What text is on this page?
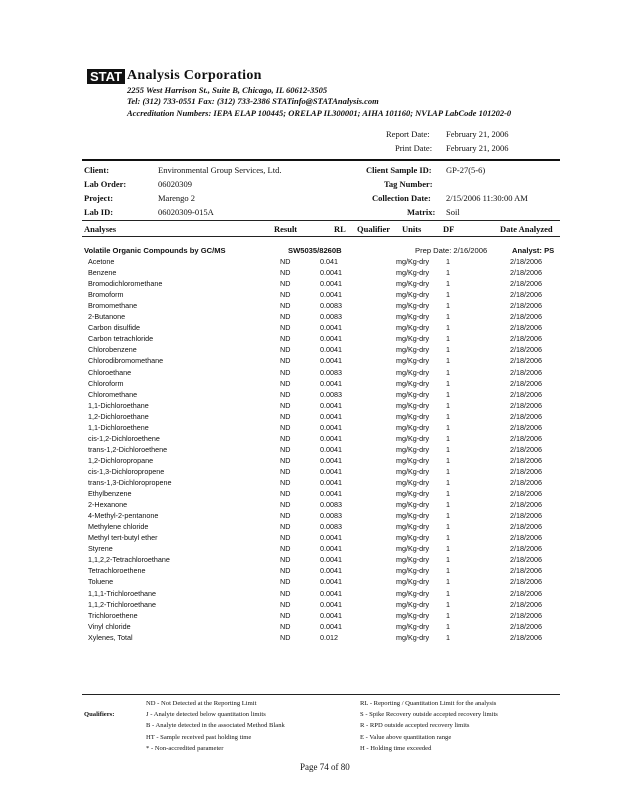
STAT Analysis Corporation
2255 West Harrison St., Suite B, Chicago, IL 60612-3505
Tel: (312) 733-0551 Fax: (312) 733-2386 STATinfo@STATAnalysis.com
Accreditation Numbers: IEPA ELAP 100445; ORELAP IL300001; AIHA 101160; NVLAP LabCode 101202-0
Report Date: February 21, 2006
Print Date: February 21, 2006
Client:	Environmental Group Services, Ltd.
Lab Order:	06020309
Project:	Marengo 2
Lab ID:	06020309-015A
Client Sample ID: GP-27(5-6)
Tag Number:
Collection Date: 2/15/2006 11:30:00 AM
Matrix: Soil
Analyses	Result	RL Qualifier Units	DF	Date Analyzed
Volatile Organic Compounds by GC/MS	SW5035/8260B	Prep Date: 2/16/2006	Analyst: PS
Acetone	ND	0.041	mg/Kg-dry 1	2/18/2006
Benzene	ND	0.0041	mg/Kg-dry 1	2/18/2006
Bromodichloromethane	ND	0.0041	mg/Kg-dry 1	2/18/2006
Bromoform	ND	0.0041	mg/Kg-dry 1	2/18/2006
Bromomethane	ND	0.0083	mg/Kg-dry 1	2/18/2006
2-Butanone	ND	0.0083	mg/Kg-dry 1	2/18/2006
Carbon disulfide	ND	0.0041	mg/Kg-dry 1	2/18/2006
Carbon tetrachloride	ND	0.0041	mg/Kg-dry 1	2/18/2006
Chlorobenzene	ND	0.0041	mg/Kg-dry 1	2/18/2006
Chlorodibromomethane	ND	0.0041	mg/Kg-dry 1	2/18/2006
Chloroethane	ND	0.0083	mg/Kg-dry 1	2/18/2006
Chloroform	ND	0.0041	mg/Kg-dry 1	2/18/2006
Chloromethane	ND	0.0083	mg/Kg-dry 1	2/18/2006
1,1-Dichloroethane	ND	0.0041	mg/Kg-dry 1	2/18/2006
1,2-Dichloroethane	ND	0.0041	mg/Kg-dry 1	2/18/2006
1,1-Dichloroethene	ND	0.0041	mg/Kg-dry 1	2/18/2006
cis-1,2-Dichloroethene	ND	0.0041	mg/Kg-dry 1	2/18/2006
trans-1,2-Dichloroethene	ND	0.0041	mg/Kg-dry 1	2/18/2006
1,2-Dichloropropane	ND	0.0041	mg/Kg-dry 1	2/18/2006
cis-1,3-Dichloropropene	ND	0.0041	mg/Kg-dry 1	2/18/2006
trans-1,3-Dichloropropene	ND	0.0041	mg/Kg-dry 1	2/18/2006
Ethylbenzene	ND	0.0041	mg/Kg-dry 1	2/18/2006
2-Hexanone	ND	0.0083	mg/Kg-dry 1	2/18/2006
4-Methyl-2-pentanone	ND	0.0083	mg/Kg-dry 1	2/18/2006
Methylene chloride	ND	0.0083	mg/Kg-dry 1	2/18/2006
Methyl tert-butyl ether	ND	0.0041	mg/Kg-dry 1	2/18/2006
Styrene	ND	0.0041	mg/Kg-dry 1	2/18/2006
1,1,2,2-Tetrachloroethane	ND	0.0041	mg/Kg-dry 1	2/18/2006
Tetrachloroethene	ND	0.0041	mg/Kg-dry 1	2/18/2006
Toluene	ND	0.0041	mg/Kg-dry 1	2/18/2006
1,1,1-Trichloroethane	ND	0.0041	mg/Kg-dry 1	2/18/2006
1,1,2-Trichloroethane	ND	0.0041	mg/Kg-dry 1	2/18/2006
Trichloroethene	ND	0.0041	mg/Kg-dry 1	2/18/2006
Vinyl chloride	ND	0.0041	mg/Kg-dry 1	2/18/2006
Xylenes, Total	ND	0.012	mg/Kg-dry 1	2/18/2006
Qualifiers:
ND - Not Detected at the Reporting Limit
J - Analyte detected below quantitation limits
B - Analyte detected in the associated Method Blank
HT - Sample received past holding time
* - Non-accredited parameter
RL - Reporting / Quantitation Limit for the analysis
S - Spike Recovery outside accepted recovery limits
R - RPD outside accepted recovery limits
E - Value above quantitation range
H - Holding time exceeded
Page 74 of 80
